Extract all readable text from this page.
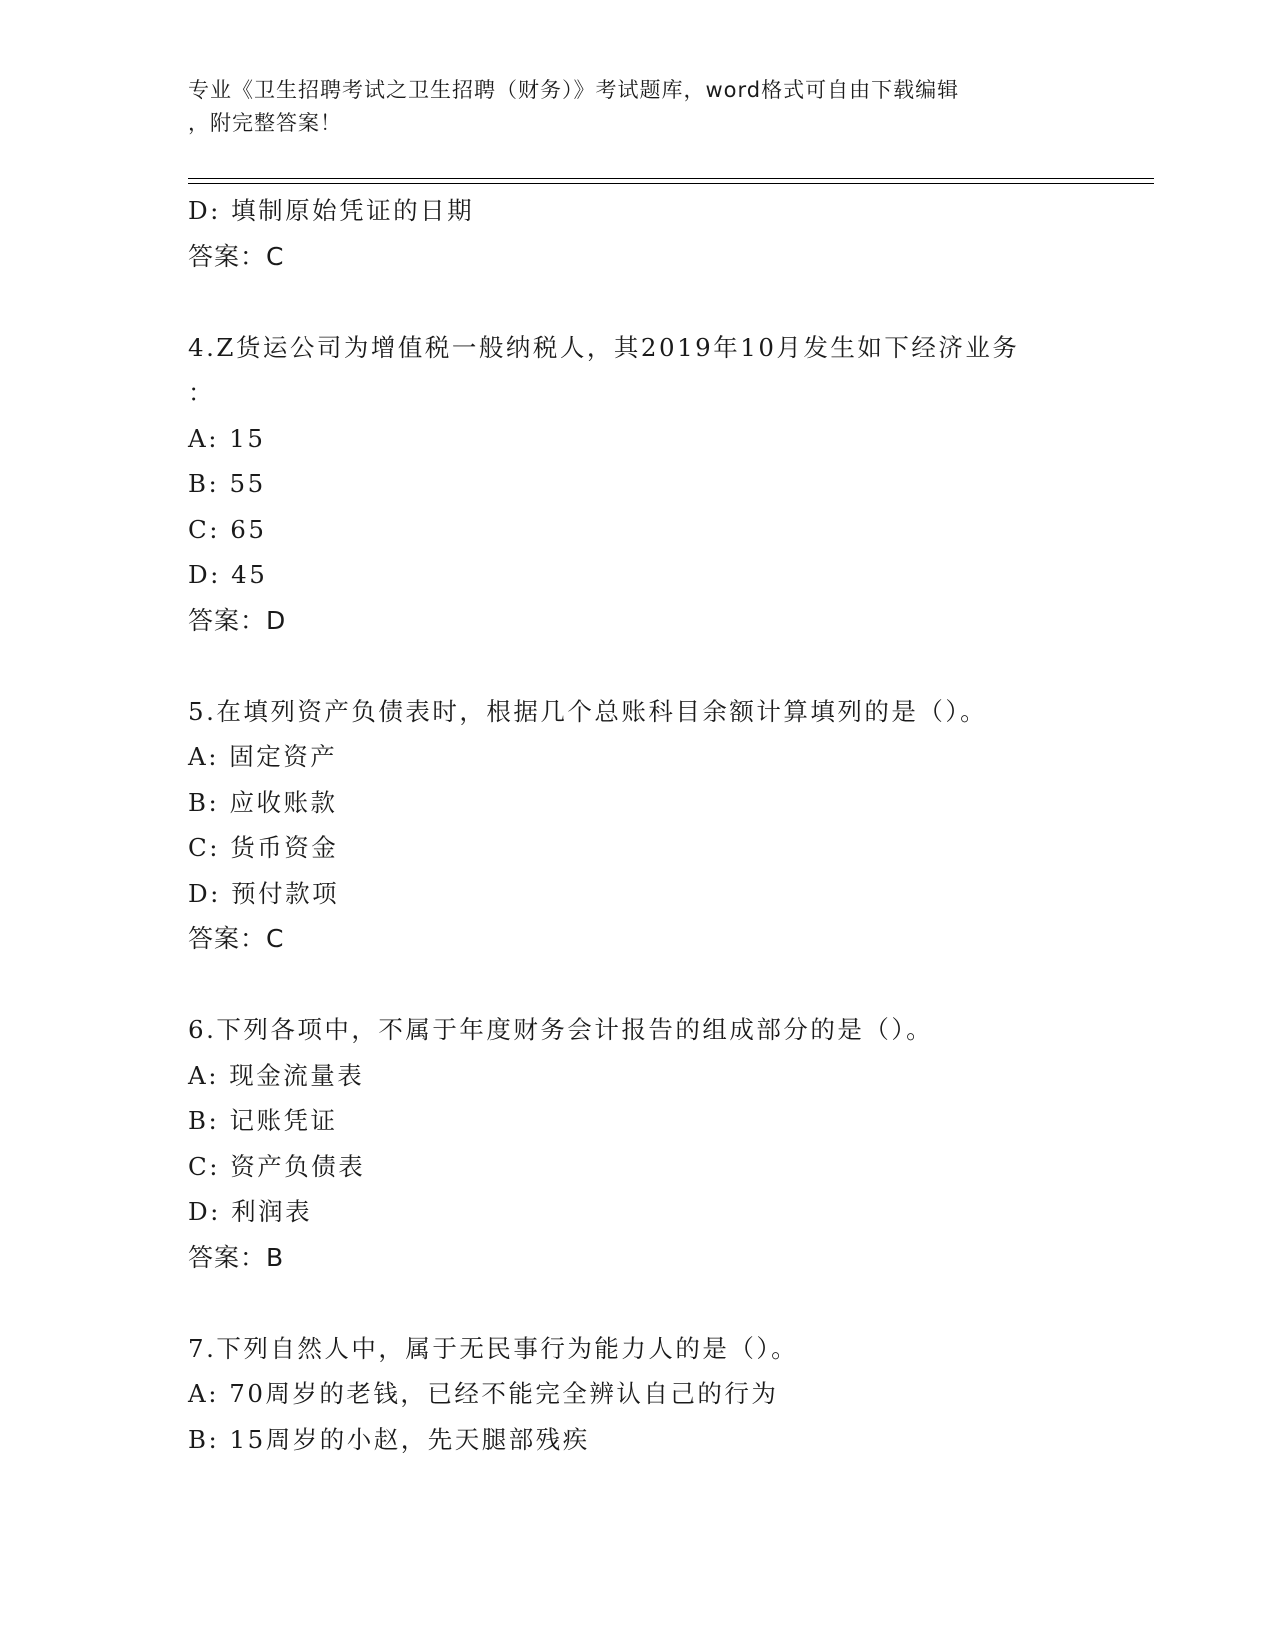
专业《卫生招聘考试之卫生招聘（财务）》考试题库，word格式可自由下载编辑
，附完整答案！
D: 填制原始凭证的日期
答案：C
4.Z货运公司为增值税一般纳税人，其2019年10月发生如下经济业务
：
A: 15
B: 55
C: 65
D: 45
答案：D
5.在填列资产负债表时，根据几个总账科目余额计算填列的是（）。
A: 固定资产
B: 应收账款
C: 货币资金
D: 预付款项
答案：C
6.下列各项中，不属于年度财务会计报告的组成部分的是（）。
A: 现金流量表
B: 记账凭证
C: 资产负债表
D: 利润表
答案：B
7.下列自然人中，属于无民事行为能力人的是（）。
A: 70周岁的老钱，已经不能完全辨认自己的行为
B: 15周岁的小赵，先天腿部残疾
